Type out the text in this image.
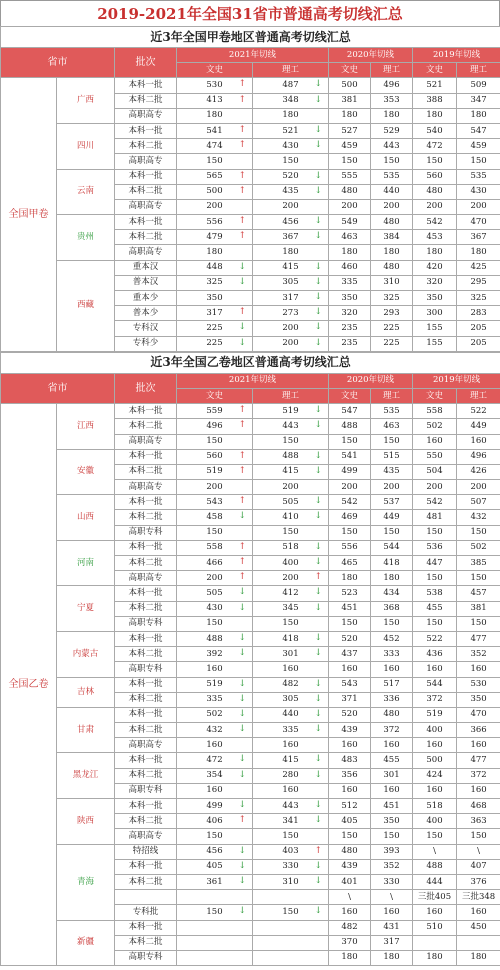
2019-2021年全国31省市普通高考切线汇总
近3年全国甲卷地区普通高考切线汇总								
省市		批次	2021年切线		2020年切线		2019年切线	
			文史	理工	文史	理工	文史	理工
全国甲卷	广西	本科一批	530 ↑	487 ↓	500	496	521	509
		本科二批	413 ↑	348 ↓	381	353	388	347
		高职高专	180	180	180	180	180	180
	四川	本科一批	541 ↑	521 ↓	527	529	540	547
		本科二批	474 ↑	430 ↓	459	443	472	459
		高职高专	150	150	150	150	150	150
	云南	本科一批	565 ↑	520 ↓	555	535	560	535
		本科二批	500 ↑	435 ↓	480	440	480	430
		高职高专	200	200	200	200	200	200
	贵州	本科一批	556 ↑	456 ↓	549	480	542	470
		本科二批	479 ↑	367 ↓	463	384	453	367
		高职高专	180	180	180	180	180	180
	西藏	重本汉	448 ↓	415 ↓	460	480	420	425
		普本汉	325 ↓	305 ↓	335	310	320	295
		重本少	350	317 ↓	350	325	350	325
		普本少	317 ↑	273 ↓	320	293	300	283
		专科汉	225 ↓	200 ↓	235	225	155	205
		专科少	225 ↓	200 ↓	235	225	155	205
近3年全国乙卷地区普通高考切线汇总								
省市		批次	2021年切线		2020年切线		2019年切线	
			文史	理工	文史	理工	文史	理工
全国乙卷	江西	本科一批	559 ↑	519 ↓	547	535	558	522
		本科二批	496 ↑	443 ↓	488	463	502	449
		高职高专	150	150	150	150	160	160
	安徽	本科一批	560 ↑	488 ↓	541	515	550	496
		本科二批	519 ↑	415 ↓	499	435	504	426
		高职高专	200	200	200	200	200	200
	山西	本科一批	543 ↑	505 ↓	542	537	542	507
		本科二批	458 ↓	410 ↓	469	449	481	432
		高职专科	150	150	150	150	150	150
	河南	本科一批	558 ↑	518 ↓	556	544	536	502
		本科二批	466 ↑	400 ↓	465	418	447	385
		高职高专	200 ↑	200 ↑	180	180	150	150
	宁夏	本科一批	505 ↓	412 ↓	523	434	538	457
		本科二批	430 ↓	345 ↓	451	368	455	381
		高职专科	150	150	150	150	150	150
	内蒙古	本科一批	488 ↓	418 ↓	520	452	522	477
		本科二批	392 ↓	301 ↓	437	333	436	352
		高职专科	160	160	160	160	160	160
	吉林	本科一批	519 ↓	482 ↓	543	517	544	530
		本科二批	335 ↓	305 ↓	371	336	372	350
	甘肃	本科一批	502 ↓	440 ↓	520	480	519	470
		本科二批	432 ↓	335 ↓	439	372	400	366
		高职高专	160	160	160	160	160	160
	黑龙江	本科一批	472 ↓	415 ↓	483	455	500	477
		本科二批	354 ↓	280 ↓	356	301	424	372
		高职专科	160	160	160	160	160	160
	陕西	本科一批	499 ↓	443 ↓	512	451	518	468
		本科二批	406 ↑	341 ↓	405	350	400	363
		高职高专	150	150	150	150	150	150
	青海	特招线	456 ↓	403 ↑	480	393	\	\
		本科一批	405 ↓	330 ↓	439	352	488	407
		本科二批	361 ↓	310 ↓	401	330	444	376
					\	\	三批405	三批348
		专科批	150 ↓	150 ↓	160	160	160	160
	新疆	本科一批			482	431	510	450
		本科二批			370	317		
		高职专科			180	180	180	180
